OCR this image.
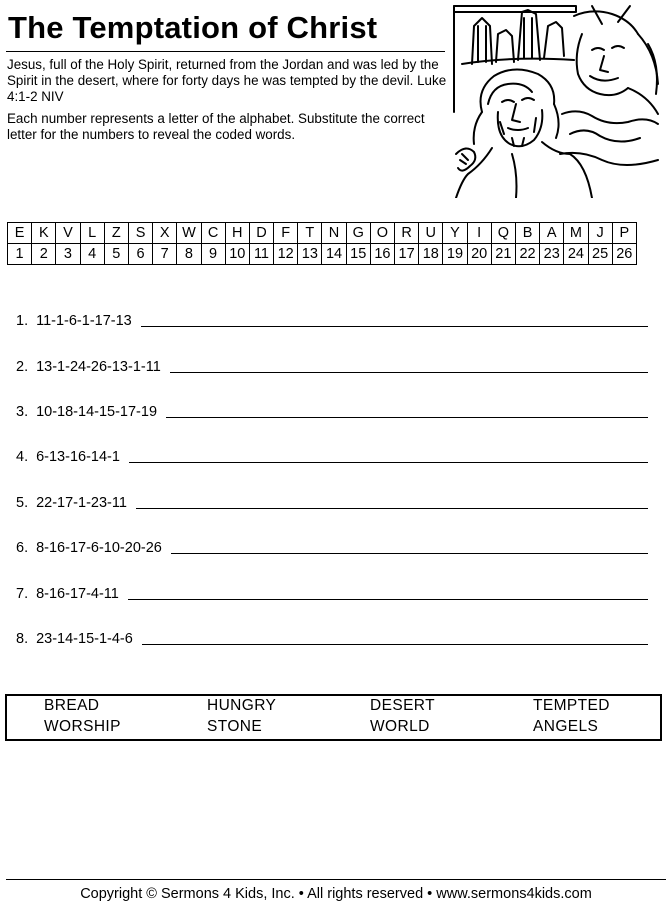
The Temptation of Christ

Jesus, full of the Holy Spirit, returned from the Jordan and was led by the Spirit in the desert, where for forty days he was tempted by the devil. Luke 4:1-2 NIV

Each number represents a letter of the alphabet. Substitute the correct letter for the numbers to reveal the coded words.

E	K	V	L	Z	S	X	W	C	H	D	F	T	N	G	O	R	U	Y	I	Q	B	A	M	J	P
1	2	3	4	5	6	7	8	9	10	11	12	13	14	15	16	17	18	19	20	21	22	23	24	25	26
1. 11-1-6-1-17-13
2. 13-1-24-26-13-1-11
3. 10-18-14-15-17-19
4. 6-13-16-14-1
5. 22-17-1-23-11
6. 8-16-17-6-10-20-26
7. 8-16-17-4-11
8. 23-14-15-1-4-6
BREAD	HUNGRY	DESERT	TEMPTED
WORSHIP	STONE	WORLD	ANGELS
Copyright © Sermons 4 Kids, Inc. • All rights reserved • www.sermons4kids.com
